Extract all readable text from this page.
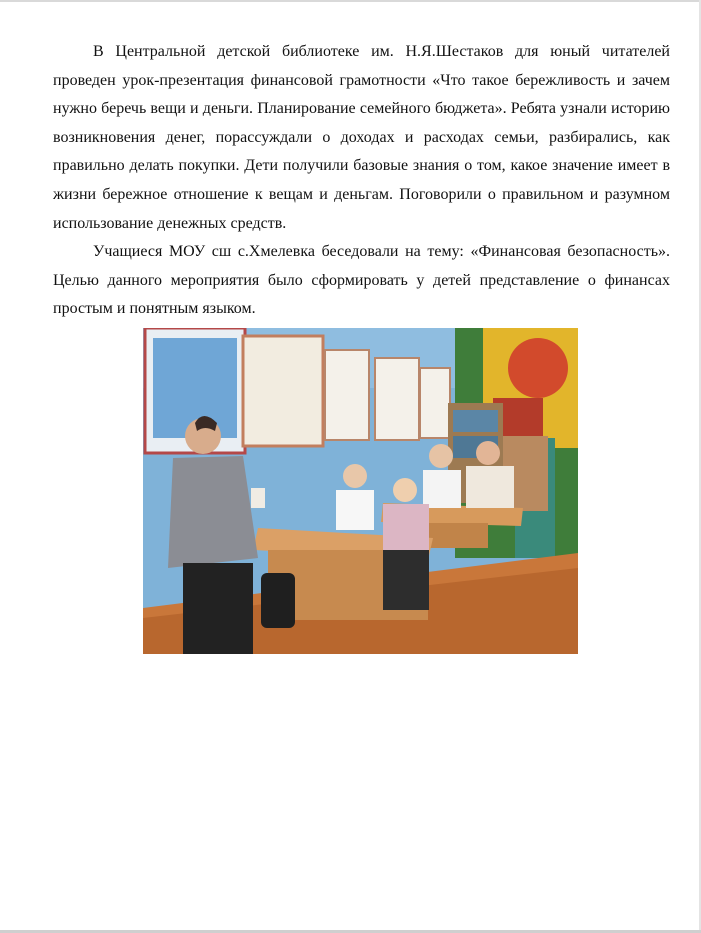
В Центральной детской библиотеке им. Н.Я.Шестаков для юный читателей проведен урок-презентация финансовой грамотности «Что такое бережливость и зачем нужно беречь вещи и деньги. Планирование семейного бюджета». Ребята узнали историю возникновения денег, порассуждали о доходах и расходах семьи, разбирались, как правильно делать покупки. Дети получили базовые знания о том, какое значение имеет в жизни бережное отношение к вещам и деньгам. Поговорили о правильном и разумном использование денежных средств.

Учащиеся МОУ сш с.Хмелевка беседовали на тему: «Финансовая безопасность». Целью данного мероприятия было сформировать у детей представление о финансах простым и понятным языком.
